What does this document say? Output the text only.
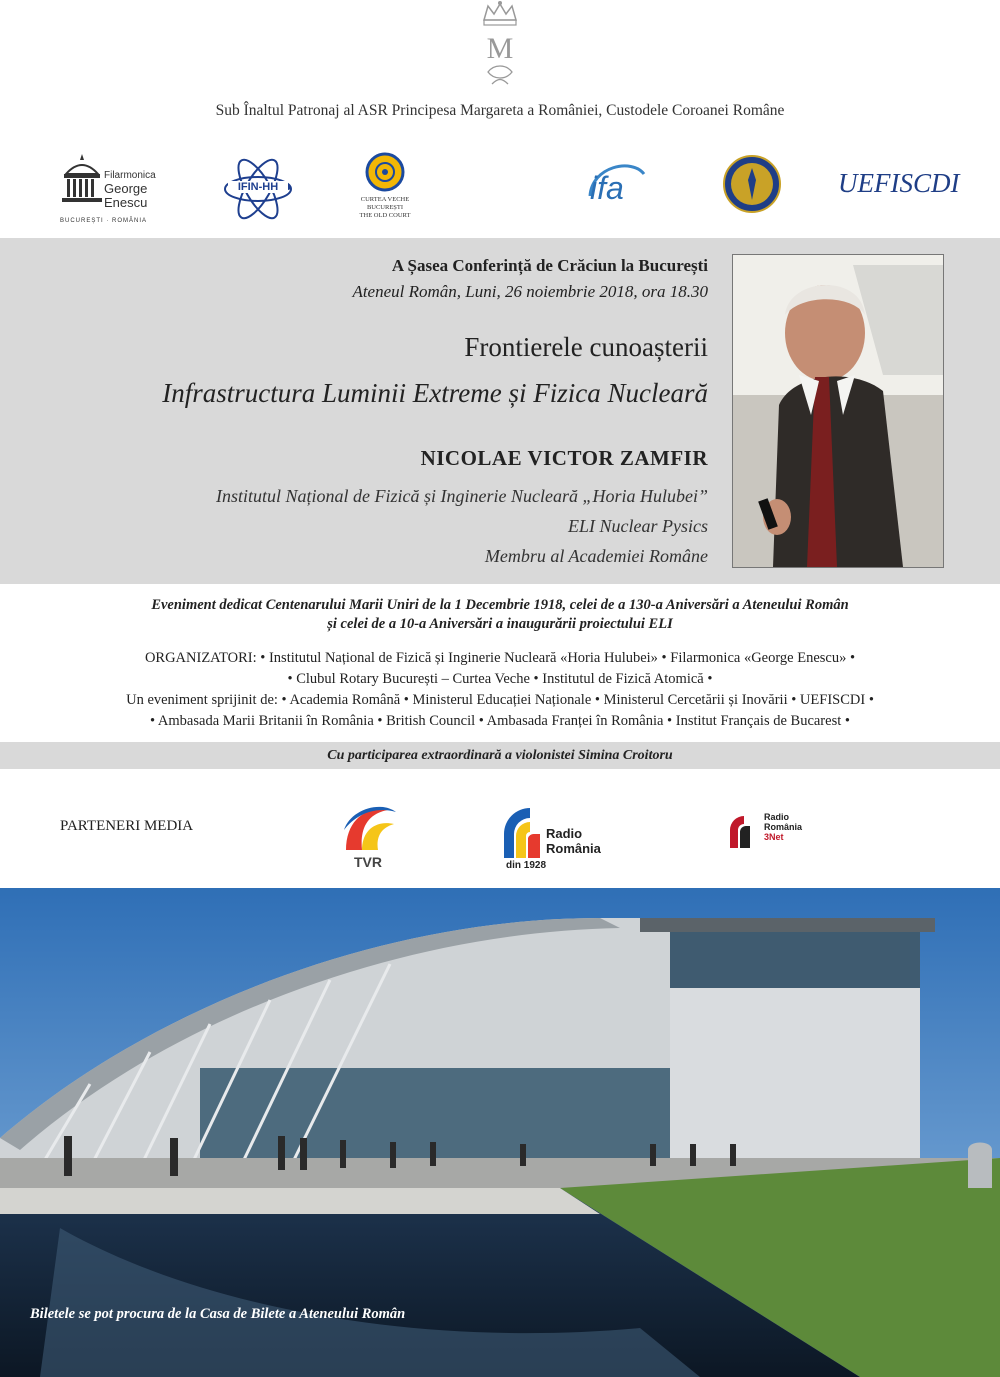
M
Sub Înaltul Patronaj al ASR Principesa Margareta a României, Custodele Coroanei Române
Filarmonica
George
Enescu
BUCUREȘTI · ROMÂNIA
IFIN-HH
CURTEA VECHE
BUCUREȘTI
THE OLD COURT
ifa	UEFISCDI
A Șasea Conferință de Crăciun la București
Ateneul Român, Luni, 26 noiembrie 2018, ora 18.30
Frontierele cunoașterii
Infrastructura Luminii Extreme și Fizica Nucleară
NICOLAE VICTOR ZAMFIR
Institutul Național de Fizică și Inginerie Nucleară „Horia Hulubei”
ELI Nuclear Pysics
Membru al Academiei Române
Eveniment dedicat Centenarului Marii Uniri de la 1 Decembrie 1918, celei de a 130-a Aniversări a Ateneului Român
și celei de a 10-a Aniversări a inaugurării proiectului ELI
ORGANIZATORI: • Institutul Național de Fizică și Inginerie Nucleară «Horia Hulubei» • Filarmonica «George Enescu» •
• Clubul Rotary București – Curtea Veche • Institutul de Fizică Atomică •
Un eveniment sprijinit de: • Academia Română • Ministerul Educației Naționale • Ministerul Cercetării și Inovării • UEFISCDI •
• Ambasada Marii Britanii în România • British Council • Ambasada Franței în România • Institut Français de Bucarest •
Cu participarea extraordinară a violonistei Simina Croitoru
PARTENERI MEDIA
TVR
Radio
România
din 1928
Radio
România
3Net
Biletele se pot procura de la Casa de Bilete a Ateneului Român
